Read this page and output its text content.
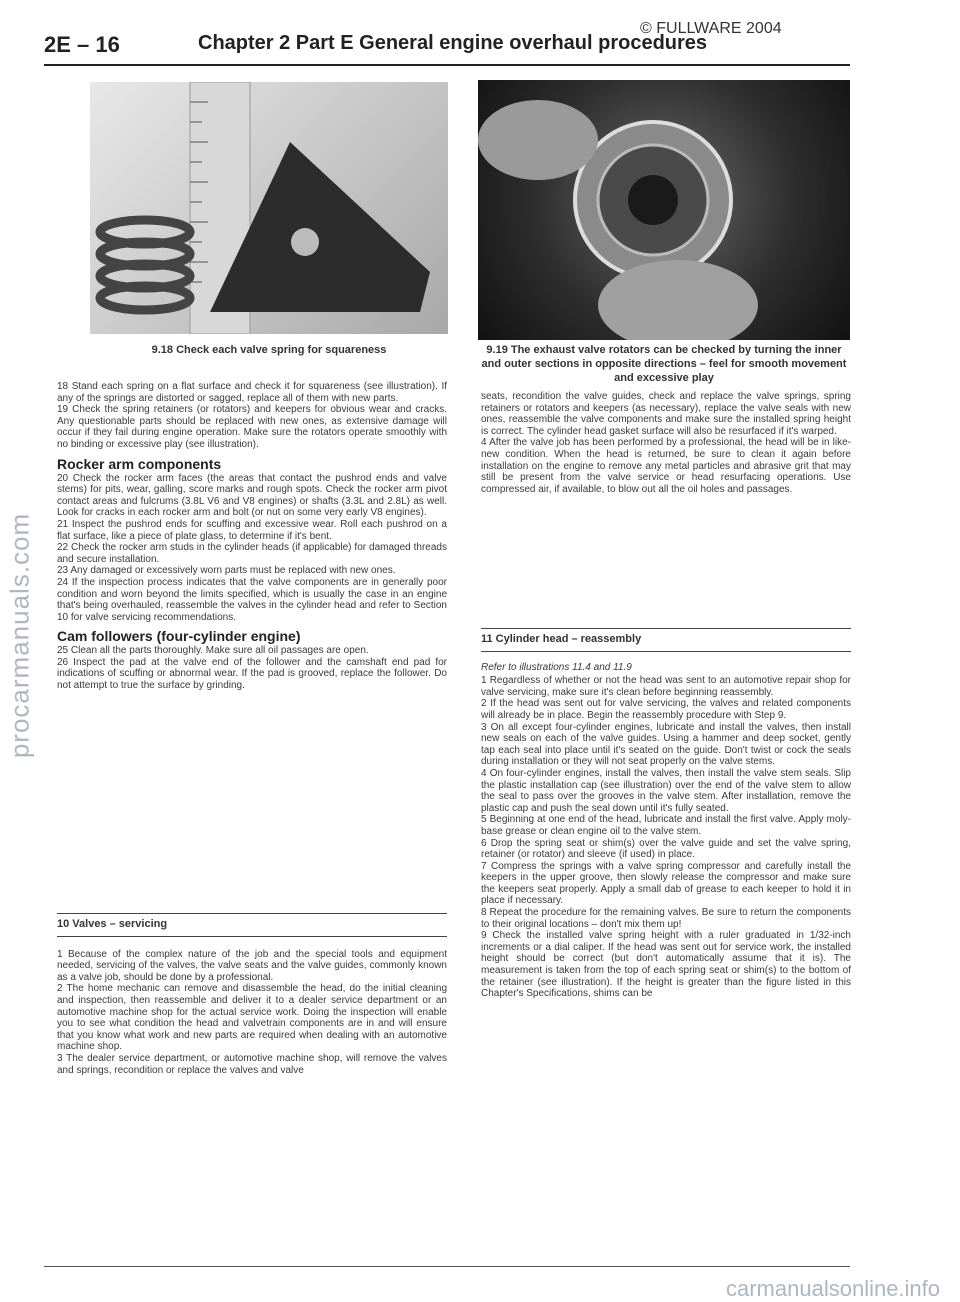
© FULLWARE 2004
2E – 16	Chapter 2 Part E General engine overhaul procedures
procarmanuals.com
9.18 Check each valve spring for squareness	9.19 The exhaust valve rotators can be checked by turning the inner and outer sections in opposite directions – feel for smooth movement and excessive play

18 Stand each spring on a flat surface and check it for squareness (see illustration). If any of the springs are distorted or sagged, replace all of them with new parts.

19 Check the spring retainers (or rotators) and keepers for obvious wear and cracks. Any questionable parts should be replaced with new ones, as extensive damage will occur if they fail during engine operation. Make sure the rotators operate smoothly with no binding or excessive play (see illustration).

Rocker arm components

20 Check the rocker arm faces (the areas that contact the pushrod ends and valve stems) for pits, wear, galling, score marks and rough spots. Check the rocker arm pivot contact areas and fulcrums (3.8L V6 and V8 engines) or shafts (3.3L and 2.8L) as well. Look for cracks in each rocker arm and bolt (or nut on some very early V8 engines).

21 Inspect the pushrod ends for scuffing and excessive wear. Roll each pushrod on a flat surface, like a piece of plate glass, to determine if it's bent.

22 Check the rocker arm studs in the cylinder heads (if applicable) for damaged threads and secure installation.

23 Any damaged or excessively worn parts must be replaced with new ones.

24 If the inspection process indicates that the valve components are in generally poor condition and worn beyond the limits specified, which is usually the case in an engine that's being overhauled, reassemble the valves in the cylinder head and refer to Section 10 for valve servicing recommendations.

Cam followers (four-cylinder engine)

25 Clean all the parts thoroughly. Make sure all oil passages are open.

26 Inspect the pad at the valve end of the follower and the camshaft end pad for indications of scuffing or abnormal wear. If the pad is grooved, replace the follower. Do not attempt to true the surface by grinding.

10 Valves – servicing

1 Because of the complex nature of the job and the special tools and equipment needed, servicing of the valves, the valve seats and the valve guides, commonly known as a valve job, should be done by a professional.

2 The home mechanic can remove and disassemble the head, do the initial cleaning and inspection, then reassemble and deliver it to a dealer service department or an automotive machine shop for the actual service work. Doing the inspection will enable you to see what condition the head and valvetrain components are in and will ensure that you know what work and new parts are required when dealing with an automotive machine shop.

3 The dealer service department, or automotive machine shop, will remove the valves and springs, recondition or replace the valves and valve

seats, recondition the valve guides, check and replace the valve springs, spring retainers or rotators and keepers (as necessary), replace the valve seals with new ones, reassemble the valve components and make sure the installed spring height is correct. The cylinder head gasket surface will also be resurfaced if it's warped.

4 After the valve job has been performed by a professional, the head will be in like-new condition. When the head is returned, be sure to clean it again before installation on the engine to remove any metal particles and abrasive grit that may still be present from the valve service or head resurfacing operations. Use compressed air, if available, to blow out all the oil holes and passages.

11 Cylinder head – reassembly

Refer to illustrations 11.4 and 11.9

1 Regardless of whether or not the head was sent to an automotive repair shop for valve servicing, make sure it's clean before beginning reassembly.

2 If the head was sent out for valve servicing, the valves and related components will already be in place. Begin the reassembly procedure with Step 9.

3 On all except four-cylinder engines, lubricate and install the valves, then install new seals on each of the valve guides. Using a hammer and deep socket, gently tap each seal into place until it's seated on the guide. Don't twist or cock the seals during installation or they will not seat properly on the valve stems.

4 On four-cylinder engines, install the valves, then install the valve stem seals. Slip the plastic installation cap (see illustration) over the end of the valve stem to allow the seal to pass over the grooves in the valve stem. After installation, remove the plastic cap and push the seal down until it's fully seated.

5 Beginning at one end of the head, lubricate and install the first valve. Apply moly-base grease or clean engine oil to the valve stem.

6 Drop the spring seat or shim(s) over the valve guide and set the valve spring, retainer (or rotator) and sleeve (if used) in place.

7 Compress the springs with a valve spring compressor and carefully install the keepers in the upper groove, then slowly release the compressor and make sure the keepers seat properly. Apply a small dab of grease to each keeper to hold it in place if necessary.

8 Repeat the procedure for the remaining valves. Be sure to return the components to their original locations – don't mix them up!

9 Check the installed valve spring height with a ruler graduated in 1/32-inch increments or a dial caliper. If the head was sent out for service work, the installed height should be correct (but don't automatically assume that it is). The measurement is taken from the top of each spring seat or shim(s) to the bottom of the retainer (see illustration). If the height is greater than the figure listed in this Chapter's Specifications, shims can be

carmanualsonline.info
